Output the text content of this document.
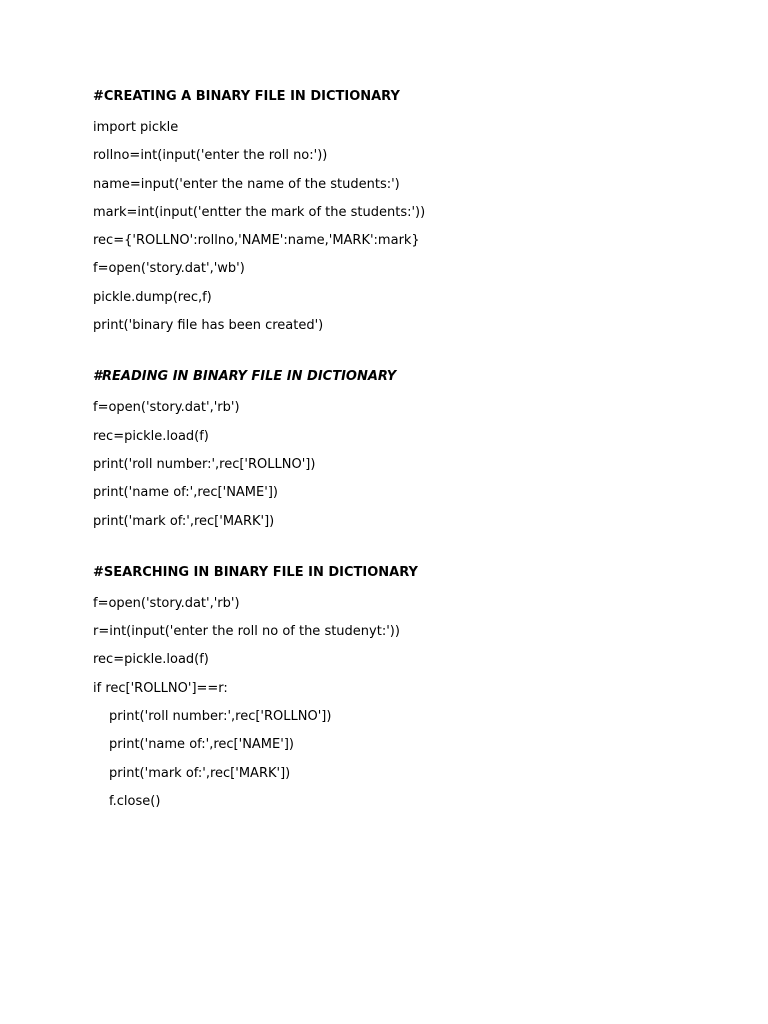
#CREATING A BINARY FILE IN DICTIONARY
import pickle
rollno=int(input('enter the roll no:'))
name=input('enter the name of the students:')
mark=int(input('entter the mark of the students:'))
rec={'ROLLNO':rollno,'NAME':name,'MARK':mark}
f=open('story.dat','wb')
pickle.dump(rec,f)
print('binary file has been created')
#READING IN BINARY FILE IN DICTIONARY
f=open('story.dat','rb')
rec=pickle.load(f)
print('roll number:',rec['ROLLNO'])
print('name of:',rec['NAME'])
print('mark of:',rec['MARK'])
#SEARCHING IN BINARY FILE IN DICTIONARY
f=open('story.dat','rb')
r=int(input('enter the roll no of the studenyt:'))
rec=pickle.load(f)
if rec['ROLLNO']==r:
print('roll number:',rec['ROLLNO'])
print('name of:',rec['NAME'])
print('mark of:',rec['MARK'])
f.close()
